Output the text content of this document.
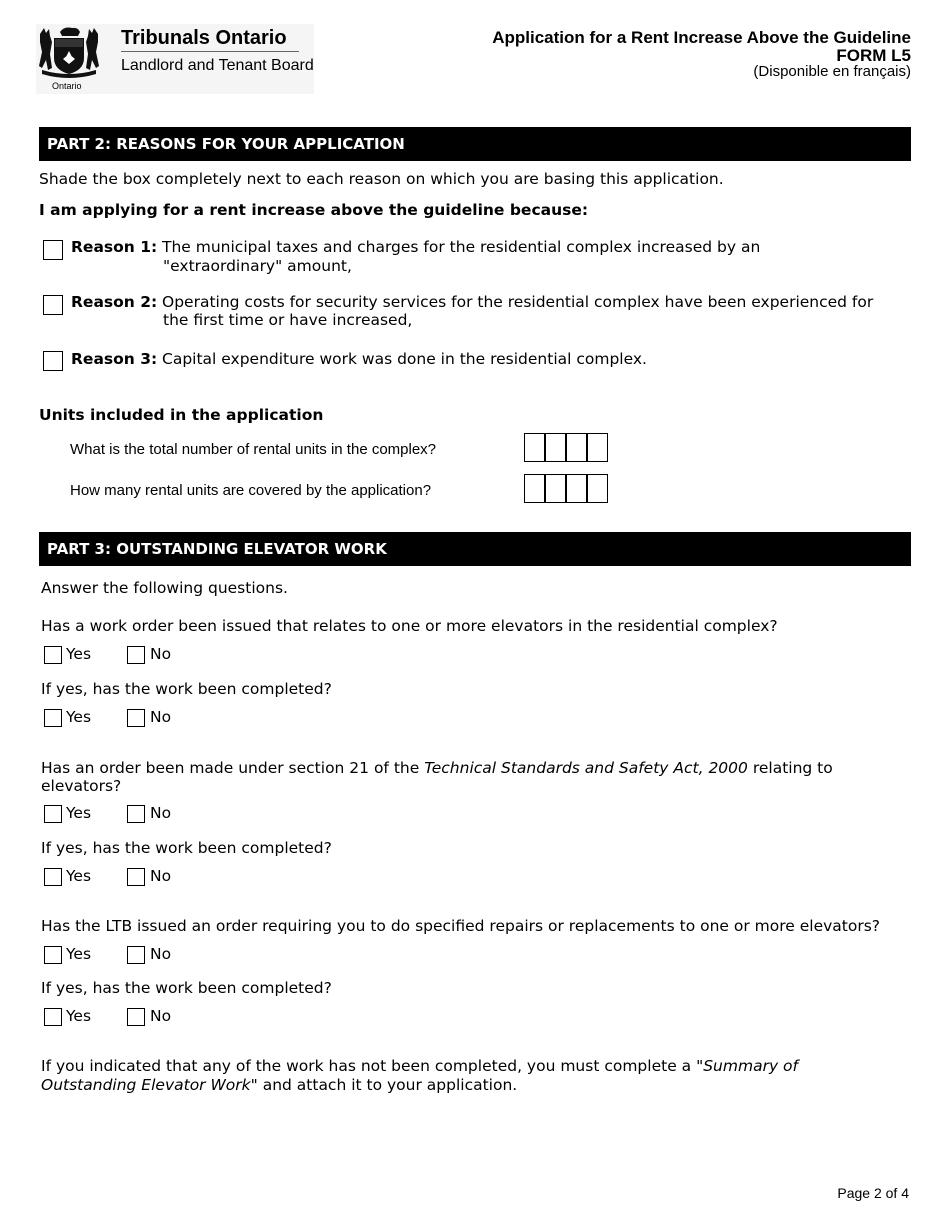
Ontario
Tribunals Ontario
Landlord and Tenant Board
Application for a Rent Increase Above the Guideline
FORM L5
(Disponible en français)
PART 2: REASONS FOR YOUR APPLICATION
Shade the box completely next to each reason on which you are basing this application.
I am applying for a rent increase above the guideline because:
Reason 1: The municipal taxes and charges for the residential complex increased by an
"extraordinary" amount,
Reason 2: Operating costs for security services for the residential complex have been experienced for
the first time or have increased,
Reason 3: Capital expenditure work was done in the residential complex.
Units included in the application
What is the total number of rental units in the complex?
How many rental units are covered by the application?
PART 3: OUTSTANDING ELEVATOR WORK
Answer the following questions.
Has a work order been issued that relates to one or more elevators in the residential complex?
Yes	No
If yes, has the work been completed?
Yes	No
Has an order been made under section 21 of the Technical Standards and Safety Act, 2000 relating to
elevators?
Yes	No
If yes, has the work been completed?
Yes	No
Has the LTB issued an order requiring you to do specified repairs or replacements to one or more elevators?
Yes	No
If yes, has the work been completed?
Yes	No
If you indicated that any of the work has not been completed, you must complete a "Summary of
Outstanding Elevator Work" and attach it to your application.
Page 2 of 4
